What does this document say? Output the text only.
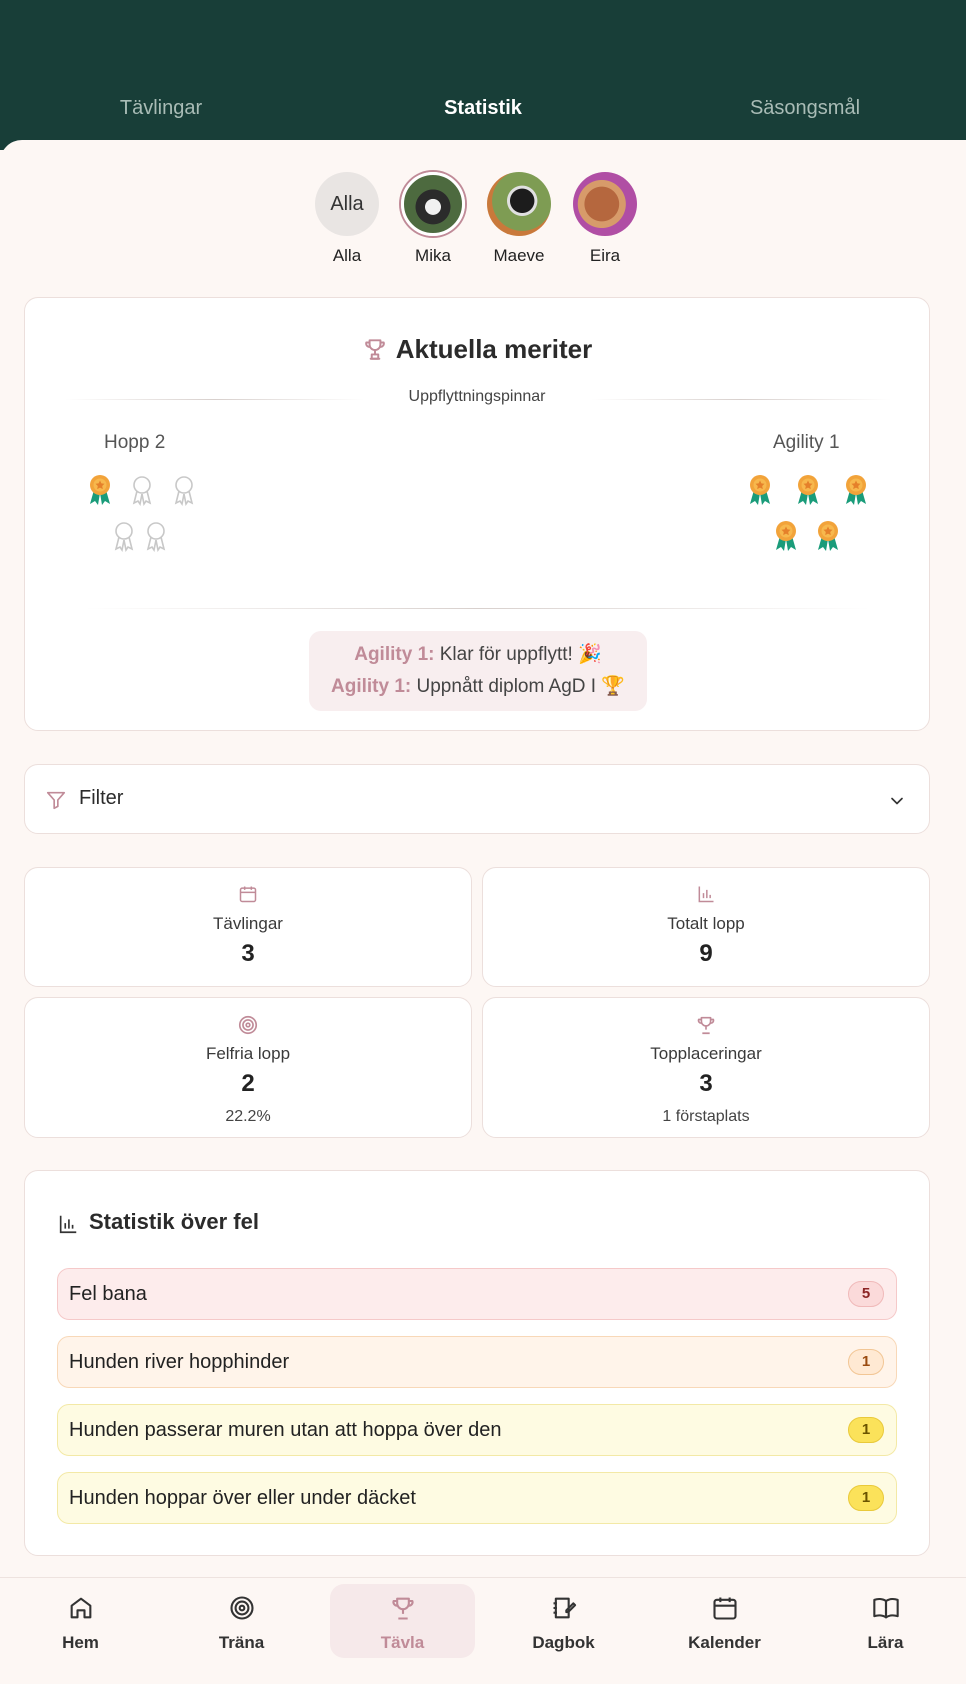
Tävlingar	Statistik	Säsongsmål
Alla
Alla	Mika	Maeve	Eira
Aktuella meriter
Uppflyttningspinnar
Hopp 2	Agility 1
Agility 1: Klar för uppflytt! 🎉
Agility 1: Uppnått diplom AgD I 🏆
Filter
Tävlingar
3
Totalt lopp
9
Felfria lopp
2
22.2%
Topplaceringar
3
1 förstaplats
Statistik över fel
Fel bana	5
Hunden river hopphinder	1
Hunden passerar muren utan att hoppa över den	1
Hunden hoppar över eller under däcket	1
Hem	Träna	Tävla	Dagbok	Kalender	Lära
